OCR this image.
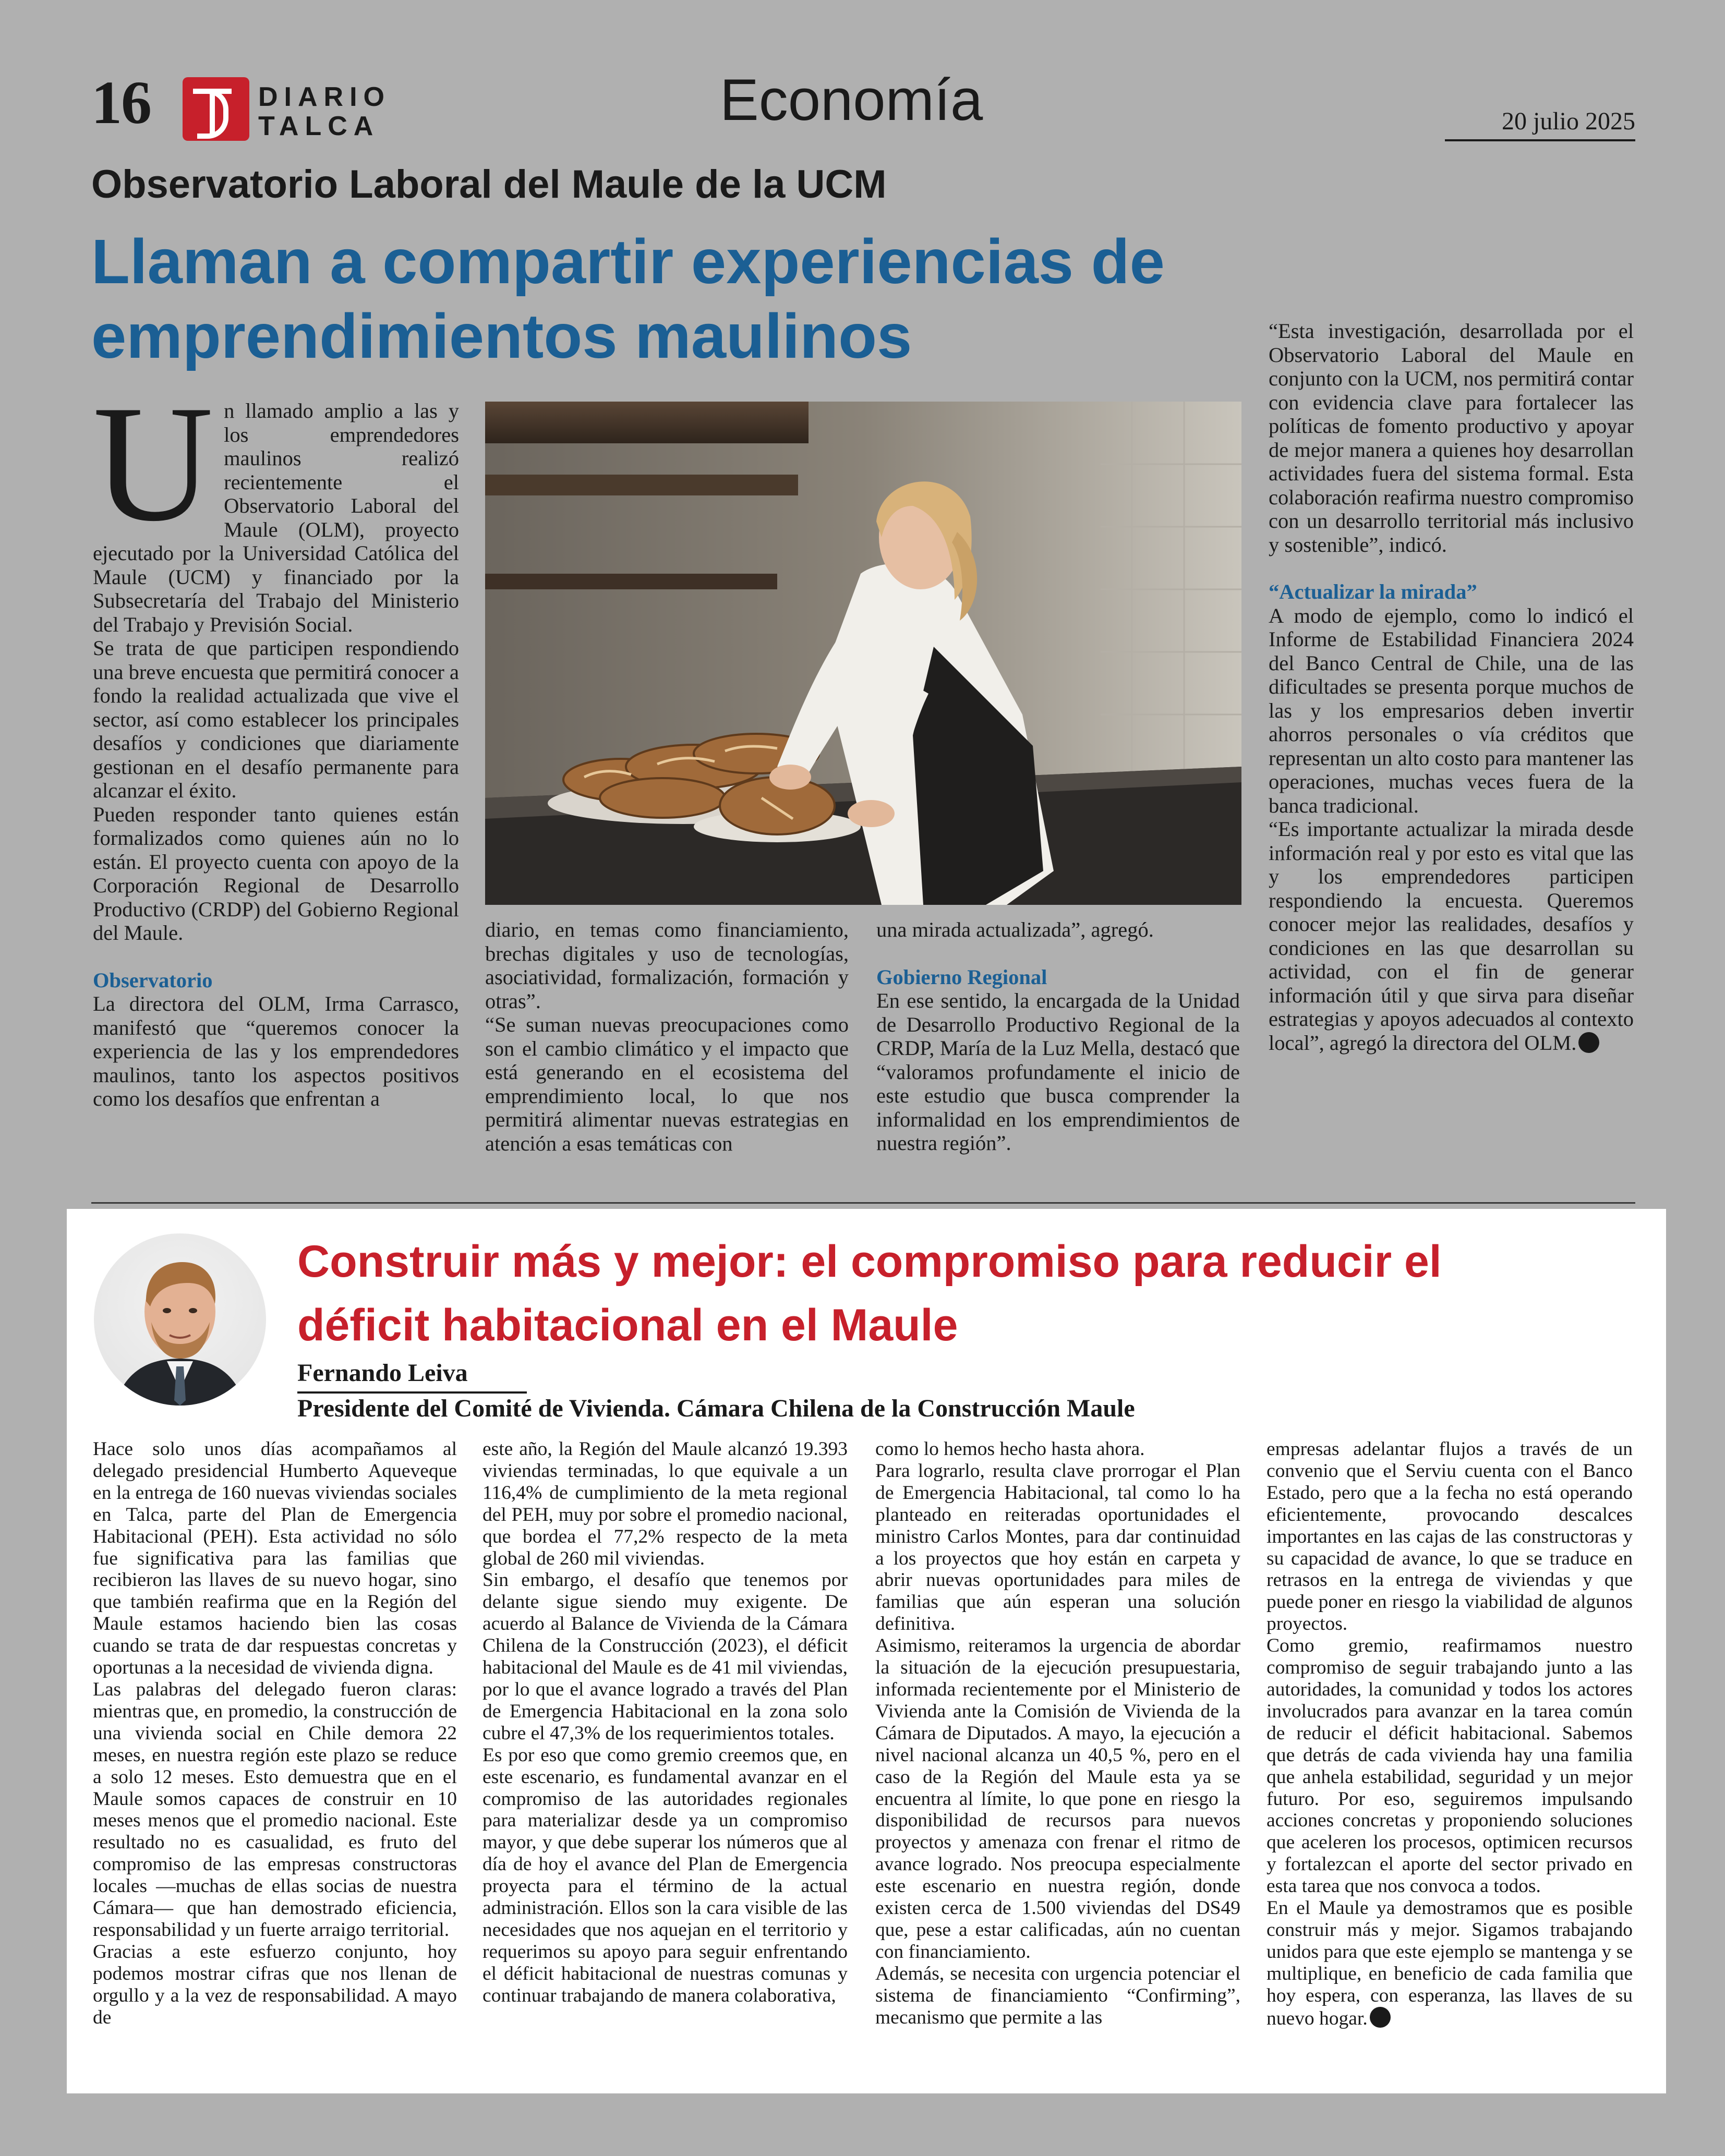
16	DIARIO
TALCA	Economía	20 julio 2025
Observatorio Laboral del Maule de la UCM
Llaman a compartir experiencias de emprendimientos maulinos

Un llamado amplio a las y los emprendedores maulinos realizó recientemente el Observatorio Laboral del Maule (OLM), proyecto ejecutado por la Universidad Católica del Maule (UCM) y financiado por la Subsecretaría del Trabajo del Ministerio del Trabajo y Previsión Social.

Se trata de que participen respondiendo una breve encuesta que permitirá conocer a fondo la realidad actualizada que vive el sector, así como establecer los principales desafíos y condiciones que diariamente gestionan en el desafío permanente para alcanzar el éxito.

Pueden responder tanto quienes están formalizados como quienes aún no lo están. El proyecto cuenta con apoyo de la Corporación Regional de Desarrollo Productivo (CRDP) del Gobierno Regional del Maule.

Observatorio

La directora del OLM, Irma Carrasco, manifestó que “queremos conocer la experiencia de las y los emprendedores maulinos, tanto los aspectos positivos como los desafíos que enfrentan a

diario, en temas como financiamiento, brechas digitales y uso de tecnologías, asociatividad, formalización, formación y otras”.

“Se suman nuevas preocupaciones como son el cambio climático y el impacto que está generando en el ecosistema del emprendimiento local, lo que nos permitirá alimentar nuevas estrategias en atención a esas temáticas con

una mirada actualizada”, agregó.

Gobierno Regional

En ese sentido, la encargada de la Unidad de Desarrollo Productivo Regional de la CRDP, María de la Luz Mella, destacó que “valoramos profundamente el inicio de este estudio que busca comprender la informalidad en los emprendimientos de nuestra región”.

“Esta investigación, desarrollada por el Observatorio Laboral del Maule en conjunto con la UCM, nos permitirá contar con evidencia clave para fortalecer las políticas de fomento productivo y apoyar de mejor manera a quienes hoy desarrollan actividades fuera del sistema formal. Esta colaboración reafirma nuestro compromiso con un desarrollo territorial más inclusivo y sostenible”, indicó.

“Actualizar la mirada”

A modo de ejemplo, como lo indicó el Informe de Estabilidad Financiera 2024 del Banco Central de Chile, una de las dificultades se presenta porque muchos de las y los empresarios deben invertir ahorros personales o vía créditos que representan un alto costo para mantener las operaciones, muchas veces fuera de la banca tradicional.

“Es importante actualizar la mirada desde información real y por esto es vital que las y los emprendedores participen respondiendo la encuesta. Queremos conocer mejor las realidades, desafíos y condiciones en las que desarrollan su actividad, con el fin de generar información útil y que sirva para diseñar estrategias y apoyos adecuados al contexto local”, agregó la directora del OLM.

Construir más y mejor: el compromiso para reducir el déficit habitacional en el Maule
Fernando Leiva
Presidente del Comité de Vivienda. Cámara Chilena de la Construcción Maule

Hace solo unos días acompañamos al delegado presidencial Humberto Aqueveque en la entrega de 160 nuevas viviendas sociales en Talca, parte del Plan de Emergencia Habitacional (PEH). Esta actividad no sólo fue significativa para las familias que recibieron las llaves de su nuevo hogar, sino que también reafirma que en la Región del Maule estamos haciendo bien las cosas cuando se trata de dar respuestas concretas y oportunas a la necesidad de vivienda digna.

Las palabras del delegado fueron claras: mientras que, en promedio, la construcción de una vivienda social en Chile demora 22 meses, en nuestra región este plazo se reduce a solo 12 meses. Esto demuestra que en el Maule somos capaces de construir en 10 meses menos que el promedio nacional. Este resultado no es casualidad, es fruto del compromiso de las empresas constructoras locales —muchas de ellas socias de nuestra Cámara— que han demostrado eficiencia, responsabilidad y un fuerte arraigo territorial.

Gracias a este esfuerzo conjunto, hoy podemos mostrar cifras que nos llenan de orgullo y a la vez de responsabilidad. A mayo de

este año, la Región del Maule alcanzó 19.393 viviendas terminadas, lo que equivale a un 116,4% de cumplimiento de la meta regional del PEH, muy por sobre el promedio nacional, que bordea el 77,2% respecto de la meta global de 260 mil viviendas.

Sin embargo, el desafío que tenemos por delante sigue siendo muy exigente. De acuerdo al Balance de Vivienda de la Cámara Chilena de la Construcción (2023), el déficit habitacional del Maule es de 41 mil viviendas, por lo que el avance logrado a través del Plan de Emergencia Habitacional en la zona solo cubre el 47,3% de los requerimientos totales.

Es por eso que como gremio creemos que, en este escenario, es fundamental avanzar en el compromiso de las autoridades regionales para materializar desde ya un compromiso mayor, y que debe superar los números que al día de hoy el avance del Plan de Emergencia proyecta para el término de la actual administración. Ellos son la cara visible de las necesidades que nos aquejan en el territorio y requerimos su apoyo para seguir enfrentando el déficit habitacional de nuestras comunas y continuar trabajando de manera colaborativa,

como lo hemos hecho hasta ahora.

Para lograrlo, resulta clave prorrogar el Plan de Emergencia Habitacional, tal como lo ha planteado en reiteradas oportunidades el ministro Carlos Montes, para dar continuidad a los proyectos que hoy están en carpeta y abrir nuevas oportunidades para miles de familias que aún esperan una solución definitiva.

Asimismo, reiteramos la urgencia de abordar la situación de la ejecución presupuestaria, informada recientemente por el Ministerio de Vivienda ante la Comisión de Vivienda de la Cámara de Diputados. A mayo, la ejecución a nivel nacional alcanza un 40,5 %, pero en el caso de la Región del Maule esta ya se encuentra al límite, lo que pone en riesgo la disponibilidad de recursos para nuevos proyectos y amenaza con frenar el ritmo de avance logrado. Nos preocupa especialmente este escenario en nuestra región, donde existen cerca de 1.500 viviendas del DS49 que, pese a estar calificadas, aún no cuentan con financiamiento.

Además, se necesita con urgencia potenciar el sistema de financiamiento “Confirming”, mecanismo que permite a las

empresas adelantar flujos a través de un convenio que el Serviu cuenta con el Banco Estado, pero que a la fecha no está operando eficientemente, provocando descalces importantes en las cajas de las constructoras y su capacidad de avance, lo que se traduce en retrasos en la entrega de viviendas y que puede poner en riesgo la viabilidad de algunos proyectos.

Como gremio, reafirmamos nuestro compromiso de seguir trabajando junto a las autoridades, la comunidad y todos los actores involucrados para avanzar en la tarea común de reducir el déficit habitacional. Sabemos que detrás de cada vivienda hay una familia que anhela estabilidad, seguridad y un mejor futuro. Por eso, seguiremos impulsando acciones concretas y proponiendo soluciones que aceleren los procesos, optimicen recursos y fortalezcan el aporte del sector privado en esta tarea que nos convoca a todos.

En el Maule ya demostramos que es posible construir más y mejor. Sigamos trabajando unidos para que este ejemplo se mantenga y se multiplique, en beneficio de cada familia que hoy espera, con esperanza, las llaves de su nuevo hogar.
